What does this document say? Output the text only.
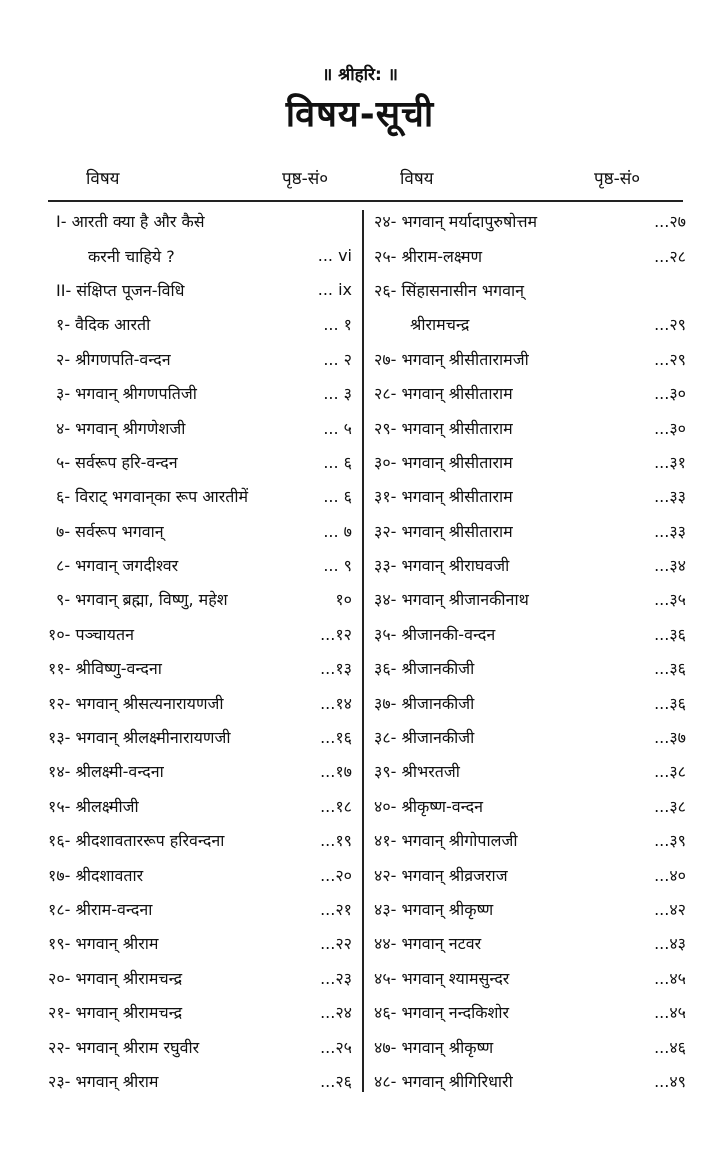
॥ श्रीहरि: ॥
विषय-सूची
विषय	पृष्ठ-सं०	विषय	पृष्ठ-सं०
I- आरती क्या है और कैसे
करनी चाहिये ?	... vi
II- संक्षिप्त पूजन-विधि	... ix
१- वैदिक आरती	... १
२- श्रीगणपति-वन्दन	... २
३- भगवान् श्रीगणपतिजी	... ३
४- भगवान् श्रीगणेशजी	... ५
५- सर्वरूप हरि-वन्दन	... ६
६- विराट् भगवान्‌का रूप आरतीमें	... ६
७- सर्वरूप भगवान्	... ७
८- भगवान् जगदीश्वर	... ९
९- भगवान् ब्रह्मा, विष्णु, महेश	१०
१०- पञ्चायतन	...१२
११- श्रीविष्णु-वन्दना	...१३
१२- भगवान् श्रीसत्यनारायणजी	...१४
१३- भगवान् श्रीलक्ष्मीनारायणजी	...१६
१४- श्रीलक्ष्मी-वन्दना	...१७
१५- श्रीलक्ष्मीजी	...१८
१६- श्रीदशावताररूप हरिवन्दना	...१९
१७- श्रीदशावतार	...२०
१८- श्रीराम-वन्दना	...२१
१९- भगवान् श्रीराम	...२२
२०- भगवान् श्रीरामचन्द्र	...२३
२१- भगवान् श्रीरामचन्द्र	...२४
२२- भगवान् श्रीराम रघुवीर	...२५
२३- भगवान् श्रीराम	...२६
२४- भगवान् मर्यादापुरुषोत्तम	...२७
२५- श्रीराम-लक्ष्मण	...२८
२६- सिंहासनासीन भगवान्
श्रीरामचन्द्र	...२९
२७- भगवान् श्रीसीतारामजी	...२९
२८- भगवान् श्रीसीताराम	...३०
२९- भगवान् श्रीसीताराम	...३०
३०- भगवान् श्रीसीताराम	...३१
३१- भगवान् श्रीसीताराम	...३३
३२- भगवान् श्रीसीताराम	...३३
३३- भगवान् श्रीराघवजी	...३४
३४- भगवान् श्रीजानकीनाथ	...३५
३५- श्रीजानकी-वन्दन	...३६
३६- श्रीजानकीजी	...३६
३७- श्रीजानकीजी	...३६
३८- श्रीजानकीजी	...३७
३९- श्रीभरतजी	...३८
४०- श्रीकृष्ण-वन्दन	...३८
४१- भगवान् श्रीगोपालजी	...३९
४२- भगवान् श्रीव्रजराज	...४०
४३- भगवान् श्रीकृष्ण	...४२
४४- भगवान् नटवर	...४३
४५- भगवान् श्यामसुन्दर	...४५
४६- भगवान् नन्दकिशोर	...४५
४७- भगवान् श्रीकृष्ण	...४६
४८- भगवान् श्रीगिरिधारी	...४९
